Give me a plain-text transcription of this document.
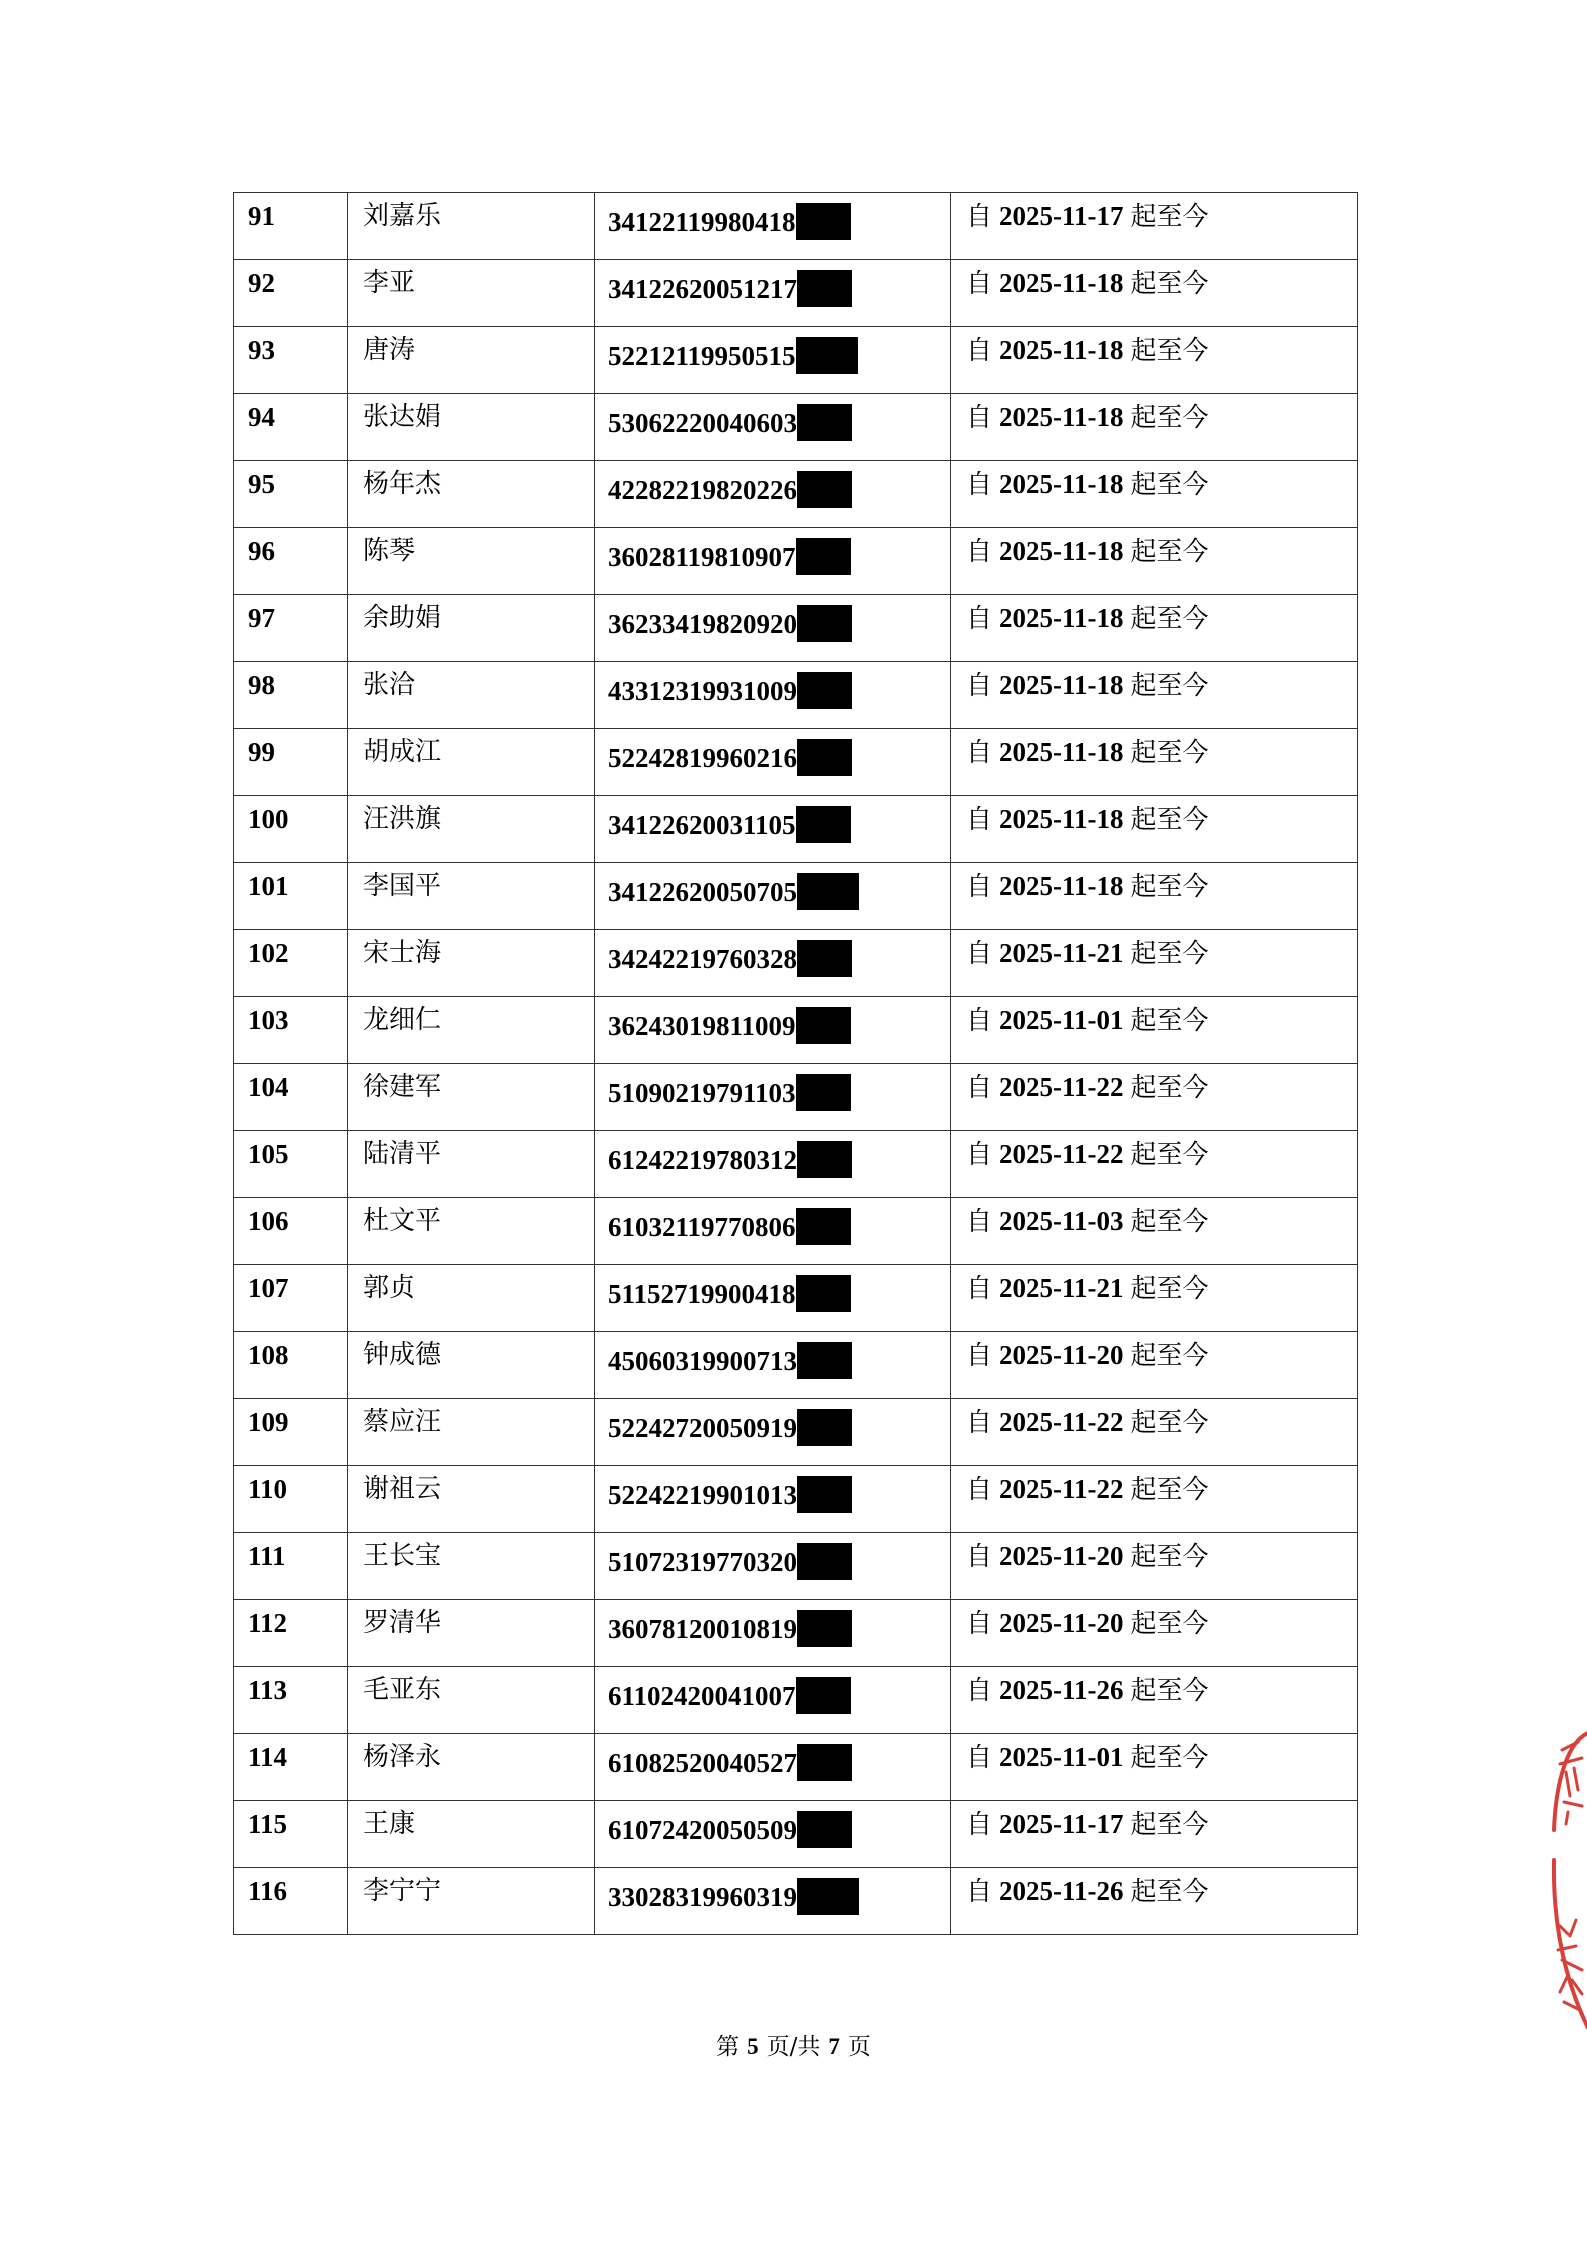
91	刘嘉乐	34122119980418	自 2025-11-17 起至今

92	李亚	34122620051217	自 2025-11-18 起至今

93	唐涛	52212119950515	自 2025-11-18 起至今

94	张达娟	53062220040603	自 2025-11-18 起至今

95	杨年杰	42282219820226	自 2025-11-18 起至今

96	陈琴	36028119810907	自 2025-11-18 起至今

97	余助娟	36233419820920	自 2025-11-18 起至今

98	张洽	43312319931009	自 2025-11-18 起至今

99	胡成江	52242819960216	自 2025-11-18 起至今

100	汪洪旗	34122620031105	自 2025-11-18 起至今

101	李国平	34122620050705	自 2025-11-18 起至今

102	宋士海	34242219760328	自 2025-11-21 起至今

103	龙细仁	36243019811009	自 2025-11-01 起至今

104	徐建军	51090219791103	自 2025-11-22 起至今

105	陆清平	61242219780312	自 2025-11-22 起至今

106	杜文平	61032119770806	自 2025-11-03 起至今

107	郭贞	51152719900418	自 2025-11-21 起至今

108	钟成德	45060319900713	自 2025-11-20 起至今

109	蔡应汪	52242720050919	自 2025-11-22 起至今

110	谢祖云	52242219901013	自 2025-11-22 起至今

111	王长宝	51072319770320	自 2025-11-20 起至今

112	罗清华	36078120010819	自 2025-11-20 起至今

113	毛亚东	61102420041007	自 2025-11-26 起至今

114	杨泽永	61082520040527	自 2025-11-01 起至今

115	王康	61072420050509	自 2025-11-17 起至今

116	李宁宁	33028319960319	自 2025-11-26 起至今
第 5 页/共 7 页
